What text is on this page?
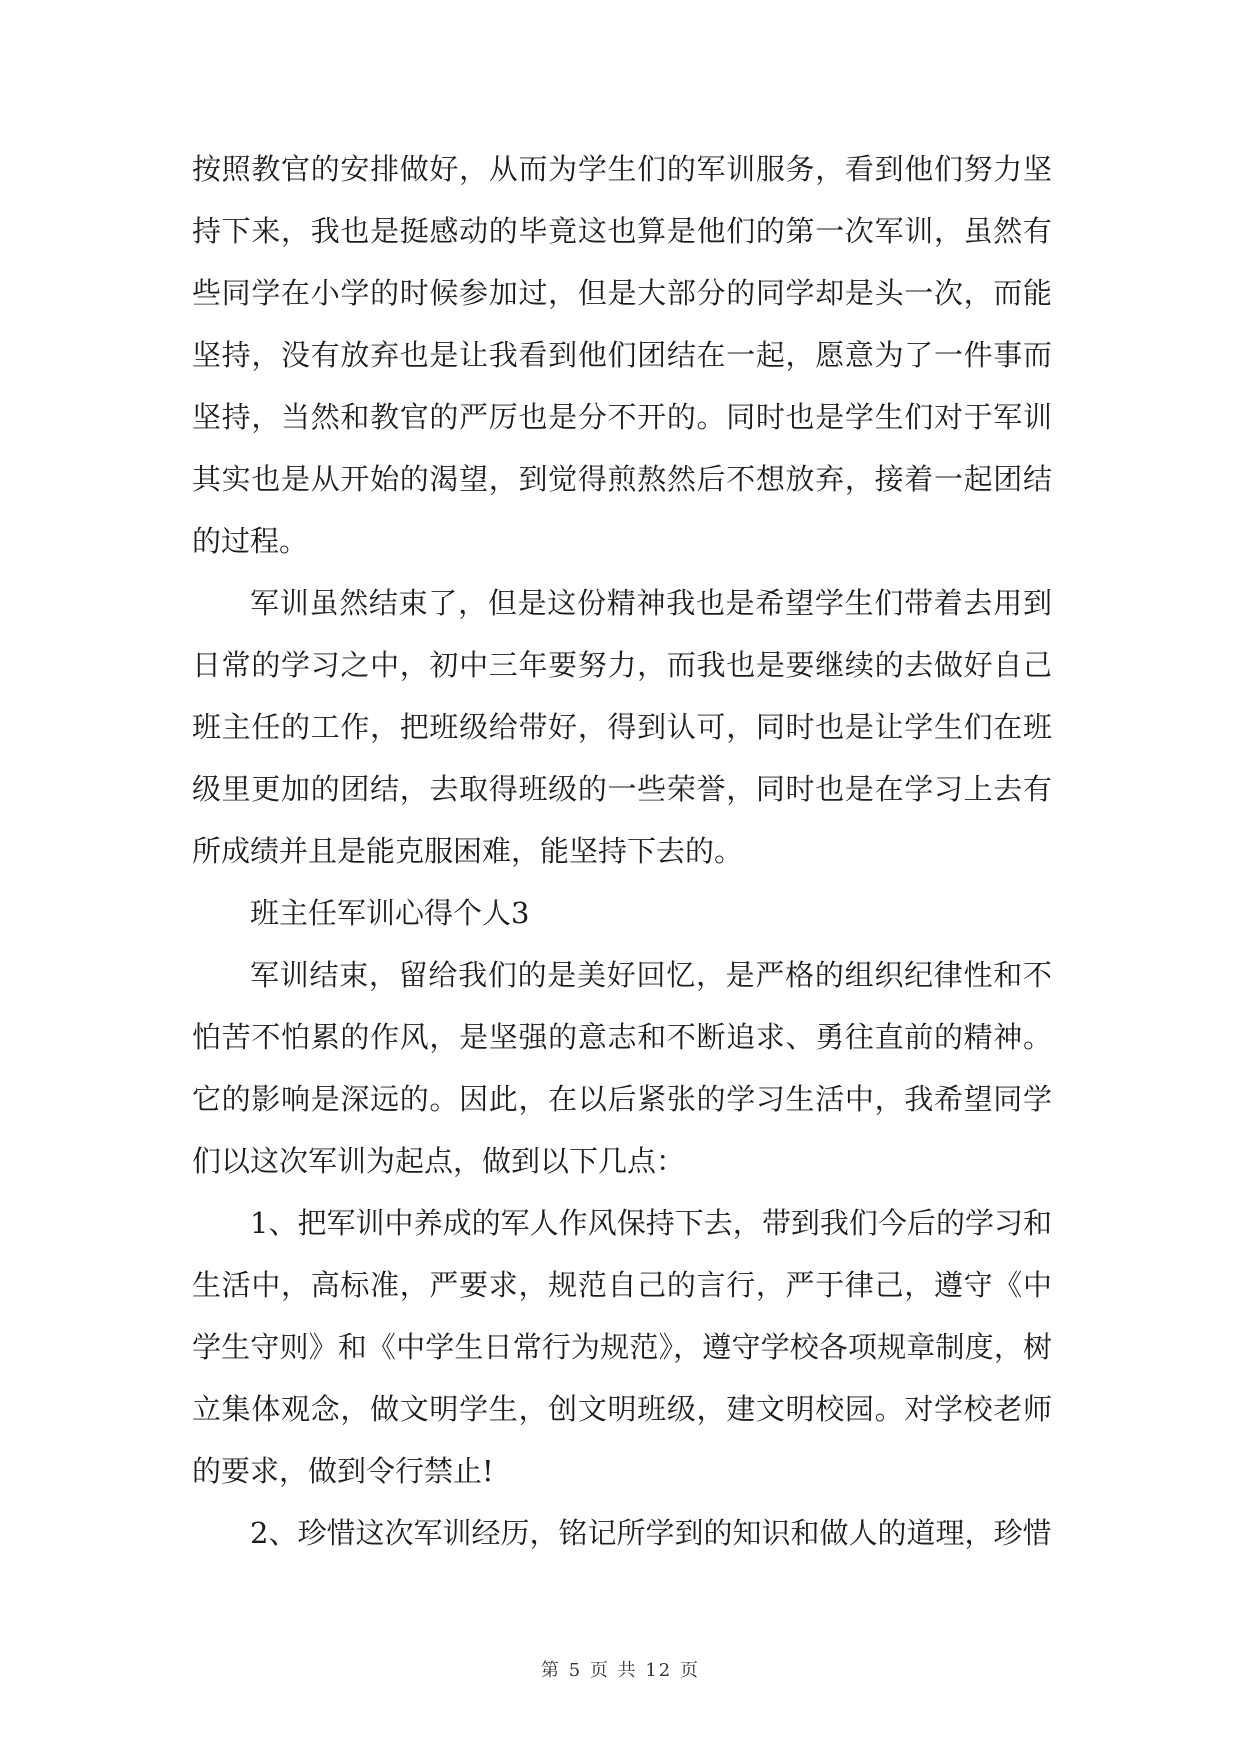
按照教官的安排做好，从而为学生们的军训服务，看到他们努力坚持下来，我也是挺感动的毕竟这也算是他们的第一次军训，虽然有些同学在小学的时候参加过，但是大部分的同学却是头一次，而能坚持，没有放弃也是让我看到他们团结在一起，愿意为了一件事而坚持，当然和教官的严厉也是分不开的。同时也是学生们对于军训其实也是从开始的渴望，到觉得煎熬然后不想放弃，接着一起团结的过程。

军训虽然结束了，但是这份精神我也是希望学生们带着去用到日常的学习之中，初中三年要努力，而我也是要继续的去做好自己班主任的工作，把班级给带好，得到认可，同时也是让学生们在班级里更加的团结，去取得班级的一些荣誉，同时也是在学习上去有所成绩并且是能克服困难，能坚持下去的。

班主任军训心得个人3

军训结束，留给我们的是美好回忆，是严格的组织纪律性和不怕苦不怕累的作风，是坚强的意志和不断追求、勇往直前的精神。它的影响是深远的。因此，在以后紧张的学习生活中，我希望同学们以这次军训为起点，做到以下几点：

1、把军训中养成的军人作风保持下去，带到我们今后的学习和生活中，高标准，严要求，规范自己的言行，严于律己，遵守《中学生守则》和《中学生日常行为规范》，遵守学校各项规章制度，树立集体观念，做文明学生，创文明班级，建文明校园。对学校老师的要求，做到令行禁止!

2、珍惜这次军训经历，铭记所学到的知识和做人的道理，珍惜

第 5 页 共 12 页
